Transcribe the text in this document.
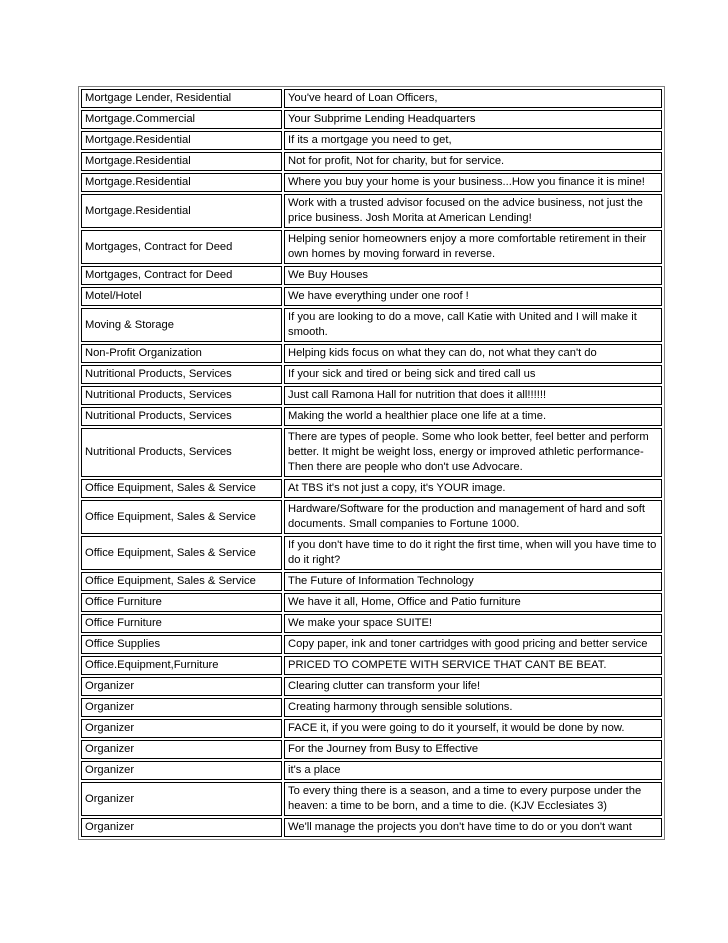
Mortgage Lender, Residential	You've heard of Loan Officers,
Mortgage.Commercial	Your Subprime Lending Headquarters
Mortgage.Residential	If its a mortgage you need to get,
Mortgage.Residential	Not for profit, Not for charity, but for service.
Mortgage.Residential	Where you buy your home is your business...How you finance it is mine!
Mortgage.Residential	Work with a trusted advisor focused on the advice business, not just the price business. Josh Morita at American Lending!
Mortgages, Contract for Deed	Helping senior homeowners enjoy a more comfortable retirement in their own homes by moving forward in reverse.
Mortgages, Contract for Deed	We Buy Houses
Motel/Hotel	We have everything under one roof !
Moving & Storage	If you are looking to do a move, call Katie with United and I will make it smooth.
Non-Profit Organization	Helping kids focus on what they can do, not what they can't do
Nutritional Products, Services	If your sick and tired or being sick and tired call us
Nutritional Products, Services	Just call Ramona Hall for nutrition that does it all!!!!!!
Nutritional Products, Services	Making the world a healthier place one life at a time.
Nutritional Products, Services	There are types of people. Some who look better, feel better and perform better. It might be weight loss, energy or improved athletic performance- Then there are people who don't use Advocare.
Office Equipment, Sales & Service	At TBS it's not just a copy, it's YOUR image.
Office Equipment, Sales & Service	Hardware/Software for the production and management of hard and soft documents. Small companies to Fortune 1000.
Office Equipment, Sales & Service	If you don't have time to do it right the first time, when will you have time to do it right?
Office Equipment, Sales & Service	The Future of Information Technology
Office Furniture	We have it all, Home, Office and Patio furniture
Office Furniture	We make your space SUITE!
Office Supplies	Copy paper, ink and toner cartridges with good pricing and better service
Office.Equipment,Furniture	PRICED TO COMPETE WITH SERVICE THAT CANT BE BEAT.
Organizer	Clearing clutter can transform your life!
Organizer	Creating harmony through sensible solutions.
Organizer	FACE it, if you were going to do it yourself, it would be done by now.
Organizer	For the Journey from Busy to Effective
Organizer	it's a place
Organizer	To every thing there is a season, and a time to every purpose under the heaven: a time to be born, and a time to die. (KJV Ecclesiates 3)
Organizer	We'll manage the projects you don't have time to do or you don't want
